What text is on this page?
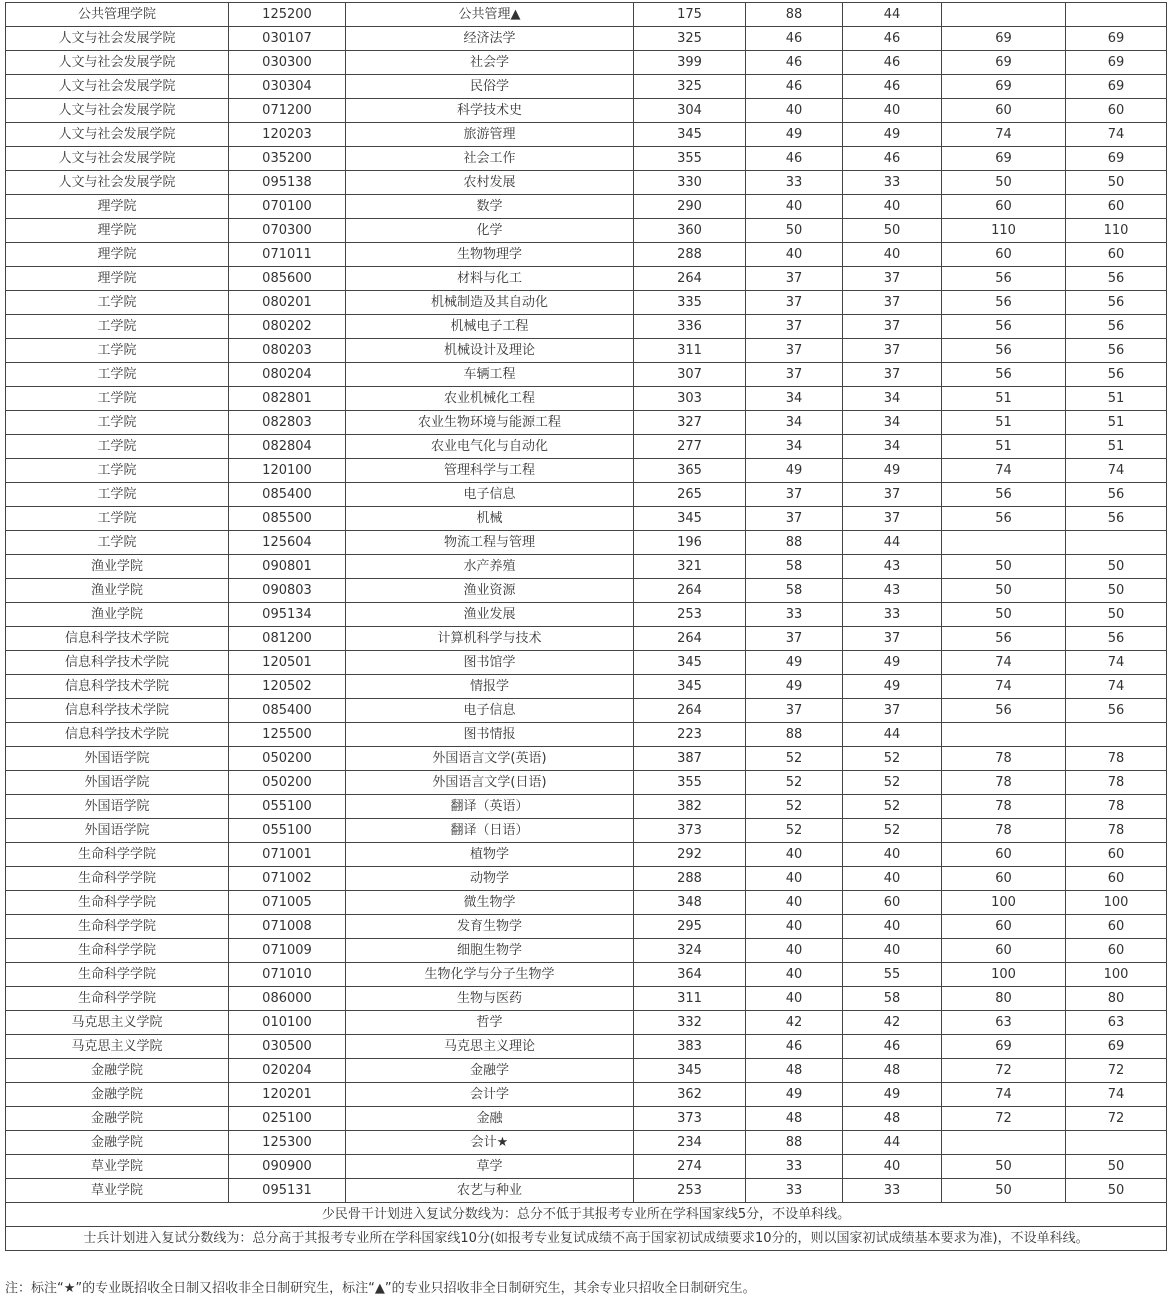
公共管理学院	125200	公共管理▲	175	88	44		
人文与社会发展学院	030107	经济法学	325	46	46	69	69
人文与社会发展学院	030300	社会学	399	46	46	69	69
人文与社会发展学院	030304	民俗学	325	46	46	69	69
人文与社会发展学院	071200	科学技术史	304	40	40	60	60
人文与社会发展学院	120203	旅游管理	345	49	49	74	74
人文与社会发展学院	035200	社会工作	355	46	46	69	69
人文与社会发展学院	095138	农村发展	330	33	33	50	50
理学院	070100	数学	290	40	40	60	60
理学院	070300	化学	360	50	50	110	110
理学院	071011	生物物理学	288	40	40	60	60
理学院	085600	材料与化工	264	37	37	56	56
工学院	080201	机械制造及其自动化	335	37	37	56	56
工学院	080202	机械电子工程	336	37	37	56	56
工学院	080203	机械设计及理论	311	37	37	56	56
工学院	080204	车辆工程	307	37	37	56	56
工学院	082801	农业机械化工程	303	34	34	51	51
工学院	082803	农业生物环境与能源工程	327	34	34	51	51
工学院	082804	农业电气化与自动化	277	34	34	51	51
工学院	120100	管理科学与工程	365	49	49	74	74
工学院	085400	电子信息	265	37	37	56	56
工学院	085500	机械	345	37	37	56	56
工学院	125604	物流工程与管理	196	88	44		
渔业学院	090801	水产养殖	321	58	43	50	50
渔业学院	090803	渔业资源	264	58	43	50	50
渔业学院	095134	渔业发展	253	33	33	50	50
信息科学技术学院	081200	计算机科学与技术	264	37	37	56	56
信息科学技术学院	120501	图书馆学	345	49	49	74	74
信息科学技术学院	120502	情报学	345	49	49	74	74
信息科学技术学院	085400	电子信息	264	37	37	56	56
信息科学技术学院	125500	图书情报	223	88	44		
外国语学院	050200	外国语言文学(英语)	387	52	52	78	78
外国语学院	050200	外国语言文学(日语)	355	52	52	78	78
外国语学院	055100	翻译（英语）	382	52	52	78	78
外国语学院	055100	翻译（日语）	373	52	52	78	78
生命科学学院	071001	植物学	292	40	40	60	60
生命科学学院	071002	动物学	288	40	40	60	60
生命科学学院	071005	微生物学	348	40	60	100	100
生命科学学院	071008	发育生物学	295	40	40	60	60
生命科学学院	071009	细胞生物学	324	40	40	60	60
生命科学学院	071010	生物化学与分子生物学	364	40	55	100	100
生命科学学院	086000	生物与医药	311	40	58	80	80
马克思主义学院	010100	哲学	332	42	42	63	63
马克思主义学院	030500	马克思主义理论	383	46	46	69	69
金融学院	020204	金融学	345	48	48	72	72
金融学院	120201	会计学	362	49	49	74	74
金融学院	025100	金融	373	48	48	72	72
金融学院	125300	会计★	234	88	44		
草业学院	090900	草学	274	33	40	50	50
草业学院	095131	农艺与种业	253	33	33	50	50
少民骨干计划进入复试分数线为：总分不低于其报考专业所在学科国家线5分，不设单科线。							
士兵计划进入复试分数线为：总分高于其报考专业所在学科国家线10分(如报考专业复试成绩不高于国家初试成绩要求10分的，则以国家初试成绩基本要求为准)，不设单科线。							
注：标注“★”的专业既招收全日制又招收非全日制研究生，标注“▲”的专业只招收非全日制研究生，其余专业只招收全日制研究生。
